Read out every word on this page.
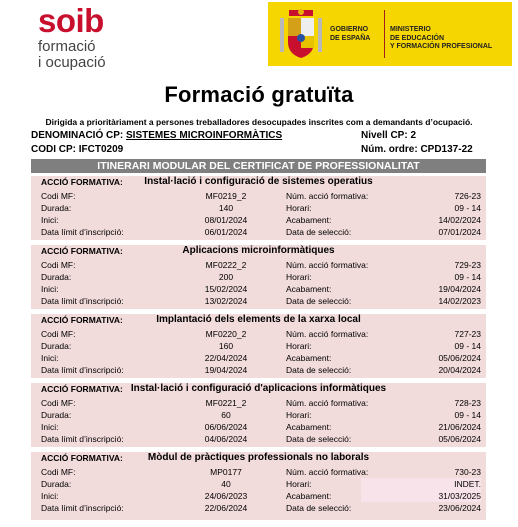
soib
formació
i ocupació
GOBIERNO
DE ESPAÑA
MINISTERIO
DE EDUCACIÓN
Y FORMACIÓN PROFESIONAL
Formació gratuïta
Dirigida a prioritàriament a persones treballadores desocupades inscrites com a demandants d’ocupació.
DENOMINACIÓ CP: SISTEMES MICROINFORMÀTICS	Nivell CP: 2
CODI CP: IFCT0209	Núm. ordre: CPD137-22
ITINERARI MODULAR DEL CERTIFICAT DE PROFESSIONALITAT
ACCIÓ FORMATIVA:	Instal·lació i configuració de sistemes operatius
Codi MF:	MF0219_2	Núm. acció formativa:	726-23
Durada:	140	Horari:	09 - 14
Inici:	08/01/2024	Acabament:	14/02/2024
Data límit d’inscripció:	06/01/2024	Data de selecció:	07/01/2024
ACCIÓ FORMATIVA:	Aplicacions microinformàtiques
Codi MF:	MF0222_2	Núm. acció formativa:	729-23
Durada:	200	Horari:	09 - 14
Inici:	15/02/2024	Acabament:	19/04/2024
Data límit d’inscripció:	13/02/2024	Data de selecció:	14/02/2023
ACCIÓ FORMATIVA:	Implantació dels elements de la xarxa local
Codi MF:	MF0220_2	Núm. acció formativa:	727-23
Durada:	160	Horari:	09 - 14
Inici:	22/04/2024	Acabament:	05/06/2024
Data límit d’inscripció:	19/04/2024	Data de selecció:	20/04/2024
ACCIÓ FORMATIVA: Instal·lació i configuració d'aplicacions informàtiques
Codi MF:	MF0221_2	Núm. acció formativa:	728-23
Durada:	60	Horari:	09 - 14
Inici:	06/06/2024	Acabament:	21/06/2024
Data límit d’inscripció:	04/06/2024	Data de selecció:	05/06/2024
ACCIÓ FORMATIVA:	Mòdul de pràctiques professionals no laborals
Codi MF:	MP0177	Núm. acció formativa:	730-23
Durada:	40	Horari:	INDET.
Inici:	24/06/2023	Acabament:	31/03/2025
Data límit d’inscripció:	22/06/2024	Data de selecció:	23/06/2024
